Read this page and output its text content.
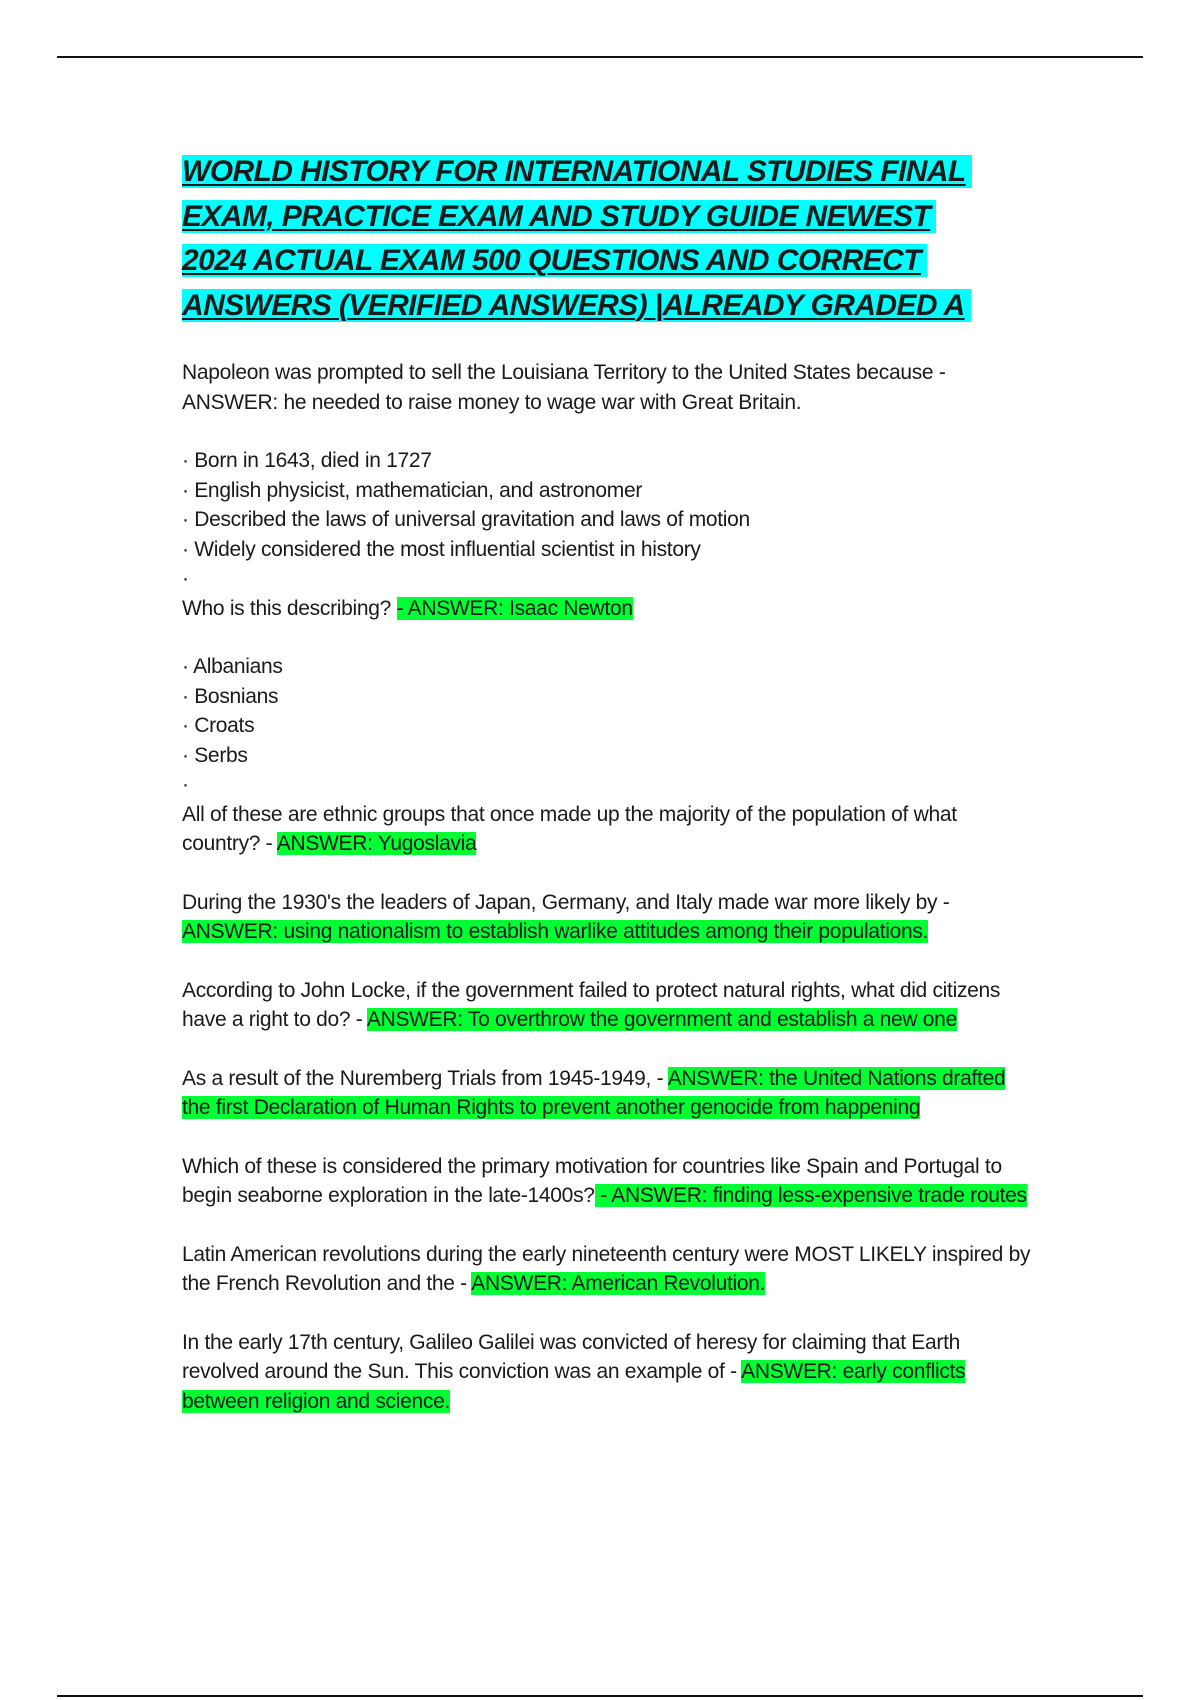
WORLD HISTORY FOR INTERNATIONAL STUDIES FINAL
EXAM, PRACTICE EXAM AND STUDY GUIDE NEWEST
2024 ACTUAL EXAM 500 QUESTIONS AND CORRECT
ANSWERS (VERIFIED ANSWERS) |ALREADY GRADED A

Napoleon was prompted to sell the Louisiana Territory to the United States because - ANSWER: he needed to raise money to wage war with Great Britain.

· Born in 1643, died in 1727
· English physicist, mathematician, and astronomer
· Described the laws of universal gravitation and laws of motion
· Widely considered the most influential scientist in history
·
Who is this describing? - ANSWER: Isaac Newton

· Albanians
· Bosnians
· Croats
· Serbs
·
All of these are ethnic groups that once made up the majority of the population of what country? - ANSWER: Yugoslavia

During the 1930's the leaders of Japan, Germany, and Italy made war more likely by - ANSWER: using nationalism to establish warlike attitudes among their populations.

According to John Locke, if the government failed to protect natural rights, what did citizens have a right to do? - ANSWER: To overthrow the government and establish a new one

As a result of the Nuremberg Trials from 1945-1949, - ANSWER: the United Nations drafted the first Declaration of Human Rights to prevent another genocide from happening

Which of these is considered the primary motivation for countries like Spain and Portugal to begin seaborne exploration in the late-1400s? - ANSWER: finding less-expensive trade routes

Latin American revolutions during the early nineteenth century were MOST LIKELY inspired by the French Revolution and the - ANSWER: American Revolution.

In the early 17th century, Galileo Galilei was convicted of heresy for claiming that Earth revolved around the Sun. This conviction was an example of - ANSWER: early conflicts between religion and science.
